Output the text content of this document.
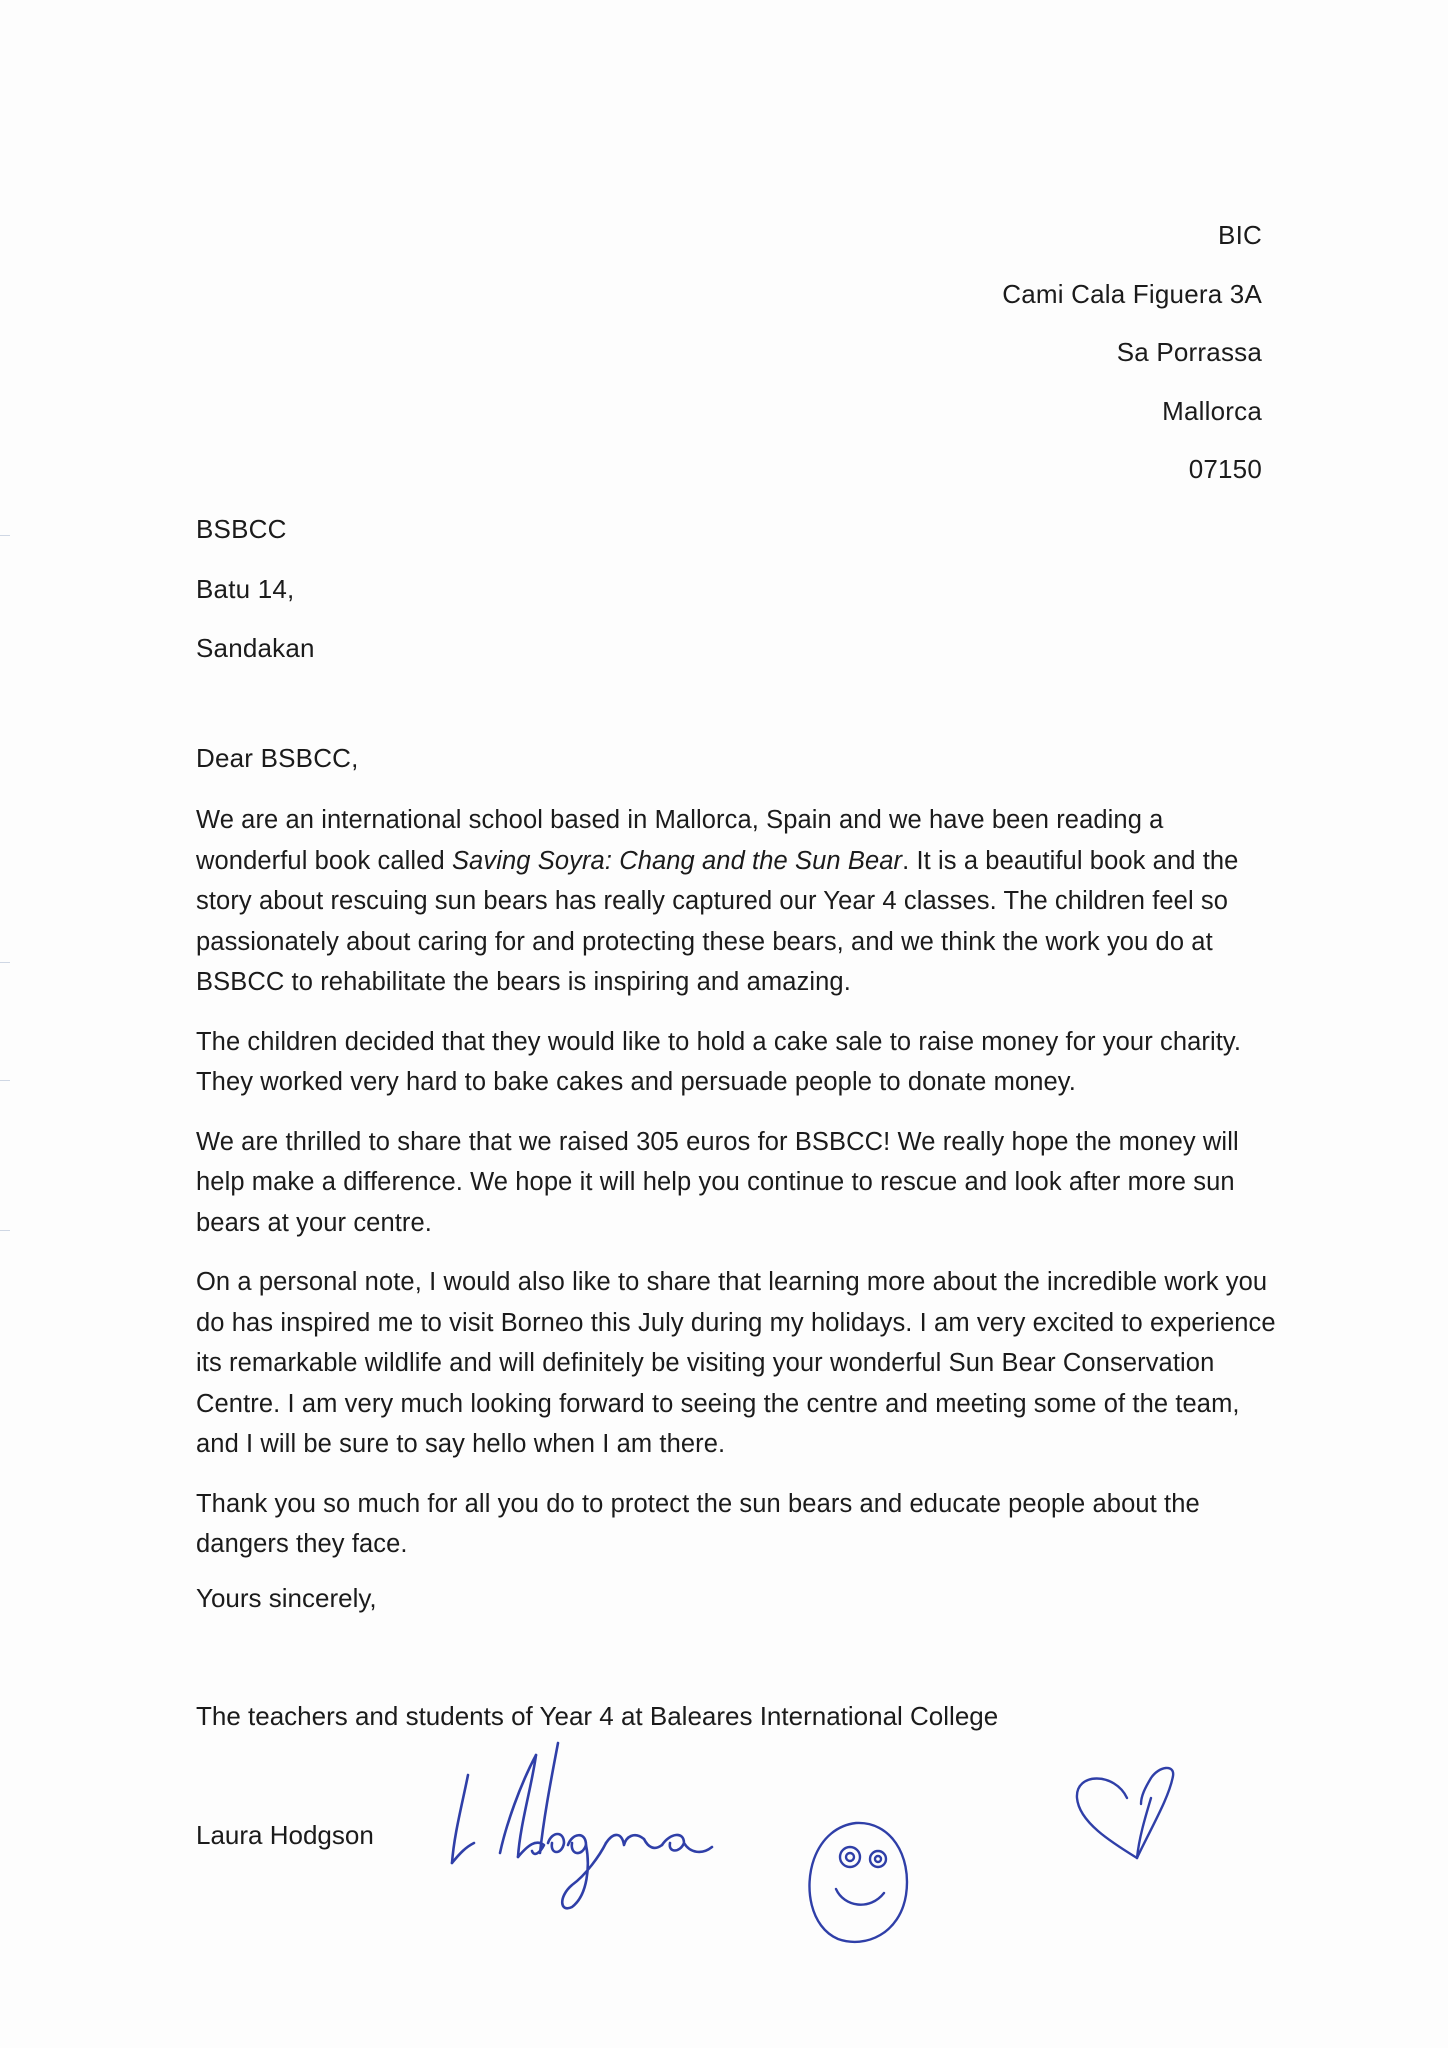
BIC
Cami Cala Figuera 3A
Sa Porrassa
Mallorca
07150
BSBCC
Batu 14,
Sandakan
Dear BSBCC,

We are an international school based in Mallorca, Spain and we have been reading a wonderful book called Saving Soyra: Chang and the Sun Bear. It is a beautiful book and the story about rescuing sun bears has really captured our Year 4 classes. The children feel so passionately about caring for and protecting these bears, and we think the work you do at BSBCC to rehabilitate the bears is inspiring and amazing.

The children decided that they would like to hold a cake sale to raise money for your charity. They worked very hard to bake cakes and persuade people to donate money.

We are thrilled to share that we raised 305 euros for BSBCC! We really hope the money will help make a difference. We hope it will help you continue to rescue and look after more sun bears at your centre.

On a personal note, I would also like to share that learning more about the incredible work you do has inspired me to visit Borneo this July during my holidays. I am very excited to experience its remarkable wildlife and will definitely be visiting your wonderful Sun Bear Conservation Centre. I am very much looking forward to seeing the centre and meeting some of the team, and I will be sure to say hello when I am there.

Thank you so much for all you do to protect the sun bears and educate people about the dangers they face.

Yours sincerely,
The teachers and students of Year 4 at Baleares International College
Laura Hodgson
